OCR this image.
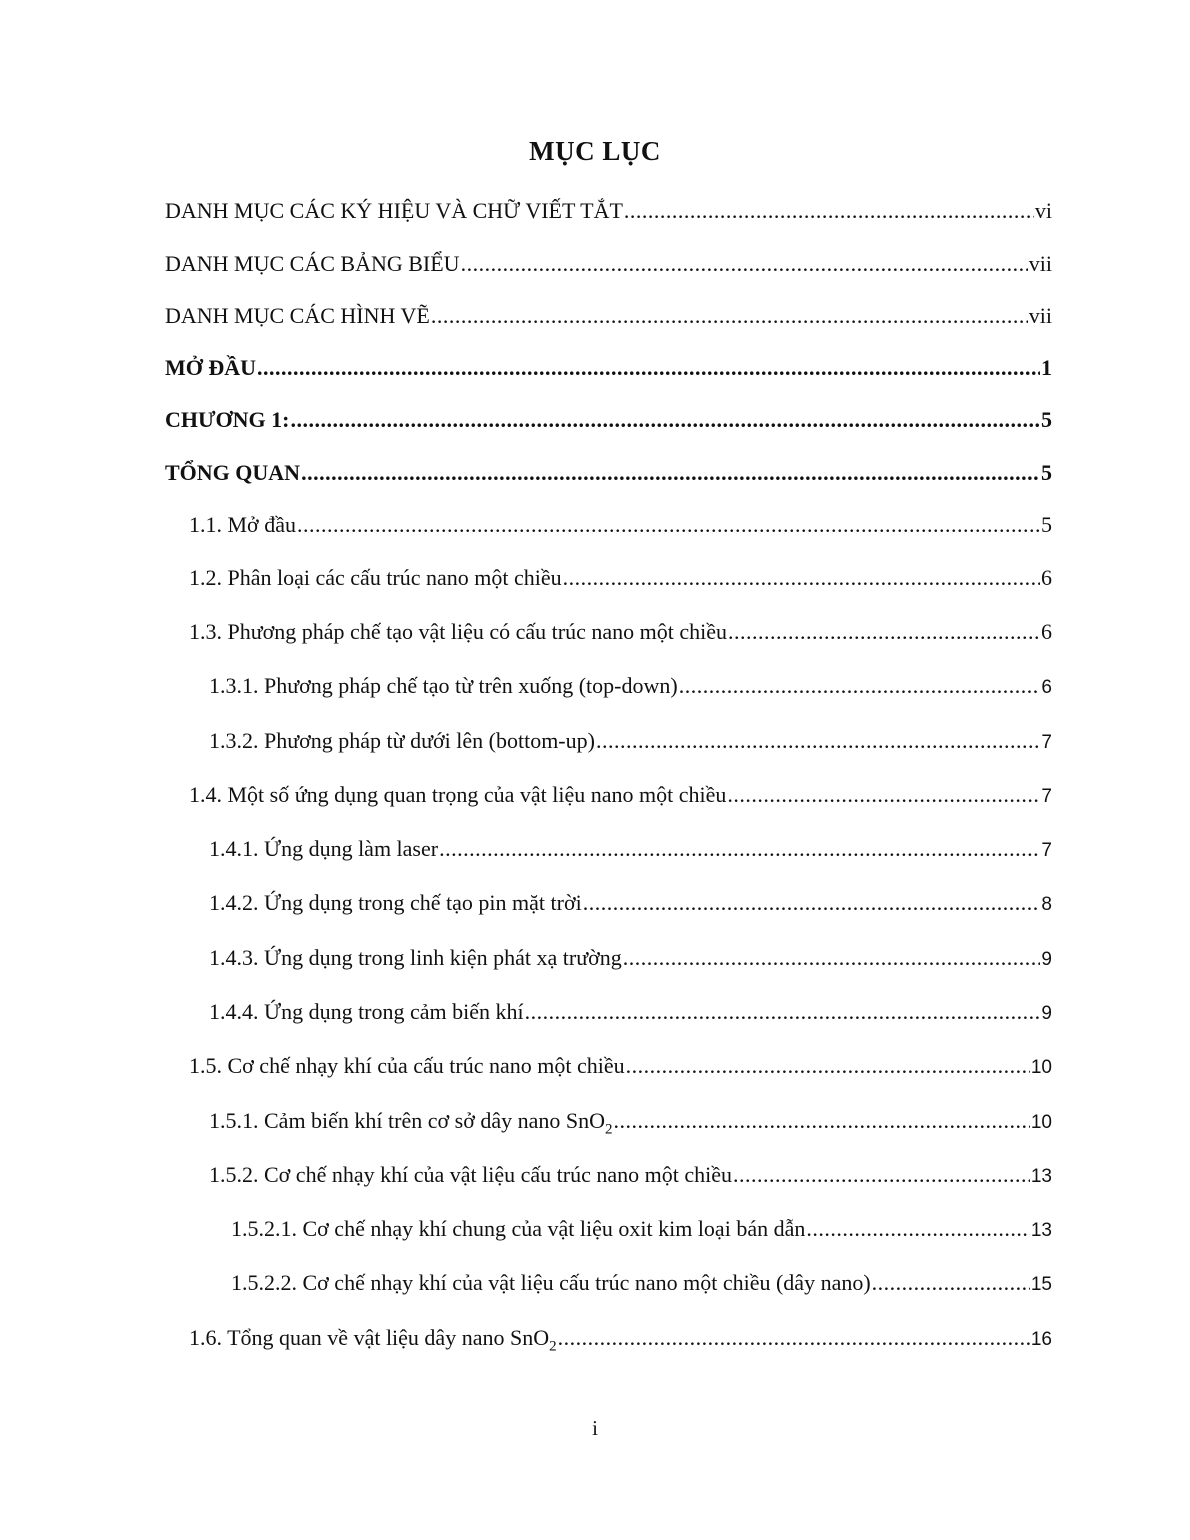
MỤC LỤC
DANH MỤC CÁC KÝ HIỆU VÀ CHỮ VIẾT TẮT .....	vi
DANH MỤC CÁC BẢNG BIỂU .....	vii
DANH MỤC CÁC HÌNH VẼ .....	vii
MỞ ĐẦU .....	1
CHƯƠNG 1: .....	5
TỔNG QUAN .....	5
1.1. Mở đầu .....	5
1.2. Phân loại các cấu trúc nano một chiều .....	6
1.3. Phương pháp chế tạo vật liệu có cấu trúc nano một chiều .....	6
1.3.1. Phương pháp chế tạo từ trên xuống (top-down) .....	6
1.3.2. Phương pháp từ dưới lên (bottom-up) .....	7
1.4. Một số ứng dụng quan trọng của vật liệu nano một chiều .....	7
1.4.1. Ứng dụng làm laser .....	7
1.4.2. Ứng dụng trong chế tạo pin mặt trời .....	8
1.4.3. Ứng dụng trong linh kiện phát xạ trường .....	9
1.4.4. Ứng dụng trong cảm biến khí .....	9
1.5. Cơ chế nhạy khí của cấu trúc nano một chiều .....	10
1.5.1. Cảm biến khí trên cơ sở dây nano SnO$_2$ .....	10
1.5.2. Cơ chế nhạy khí của vật liệu cấu trúc nano một chiều .....	13
1.5.2.1. Cơ chế nhạy khí chung của vật liệu oxit kim loại bán dẫn .....	13
1.5.2.2. Cơ chế nhạy khí của vật liệu cấu trúc nano một chiều (dây nano) .....	15
1.6. Tổng quan về vật liệu dây nano SnO$_2$ .....	16
i
